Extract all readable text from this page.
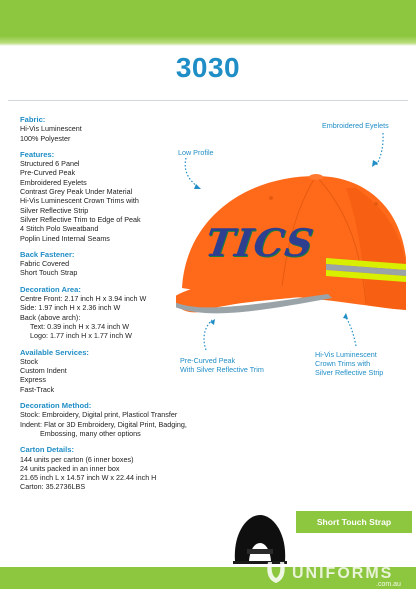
3030
Fabric:
Hi-Vis Luminescent
100% Polyester
Features:
Structured 6 Panel
Pre-Curved Peak
Embroidered Eyelets
Contrast Grey Peak Under Material
Hi-Vis Luminescent Crown Trims with
Silver Reflective Strip
Silver Reflective Trim to Edge of Peak
4 Stitch Polo Sweatband
Poplin Lined Internal Seams
Back Fastener:
Fabric Covered
Short Touch Strap
Decoration Area:
Centre Front: 2.17 inch H x 3.94 inch W
Side: 1.97 inch H x 2.36 inch W
Back (above arch):
Text: 0.39 inch H x 3.74 inch W
Logo: 1.77 inch H x 1.77 inch W
Available Services:
Stock
Custom Indent
Express
Fast-Track
Decoration Method:
Stock: Embroidery, Digital print, Plasticol Transfer
Indent: Flat or 3D Embroidery, Digital Print, Badging,
Embossing, many other options
Carton Details:
144 units per carton (6 inner boxes)
24 units packed in an inner box
21.65 inch L x 14.57 inch W x 22.44 inch H
Carton: 35.2736LBS
Embroidered Eyelets
Low Profile
Pre-Curved Peak
With Silver Reflective Trim
Hi-Vis Luminescent
Crown Trims with
Silver Reflective Strip
TICS
Short Touch Strap
UNIFORMS
.com.au
